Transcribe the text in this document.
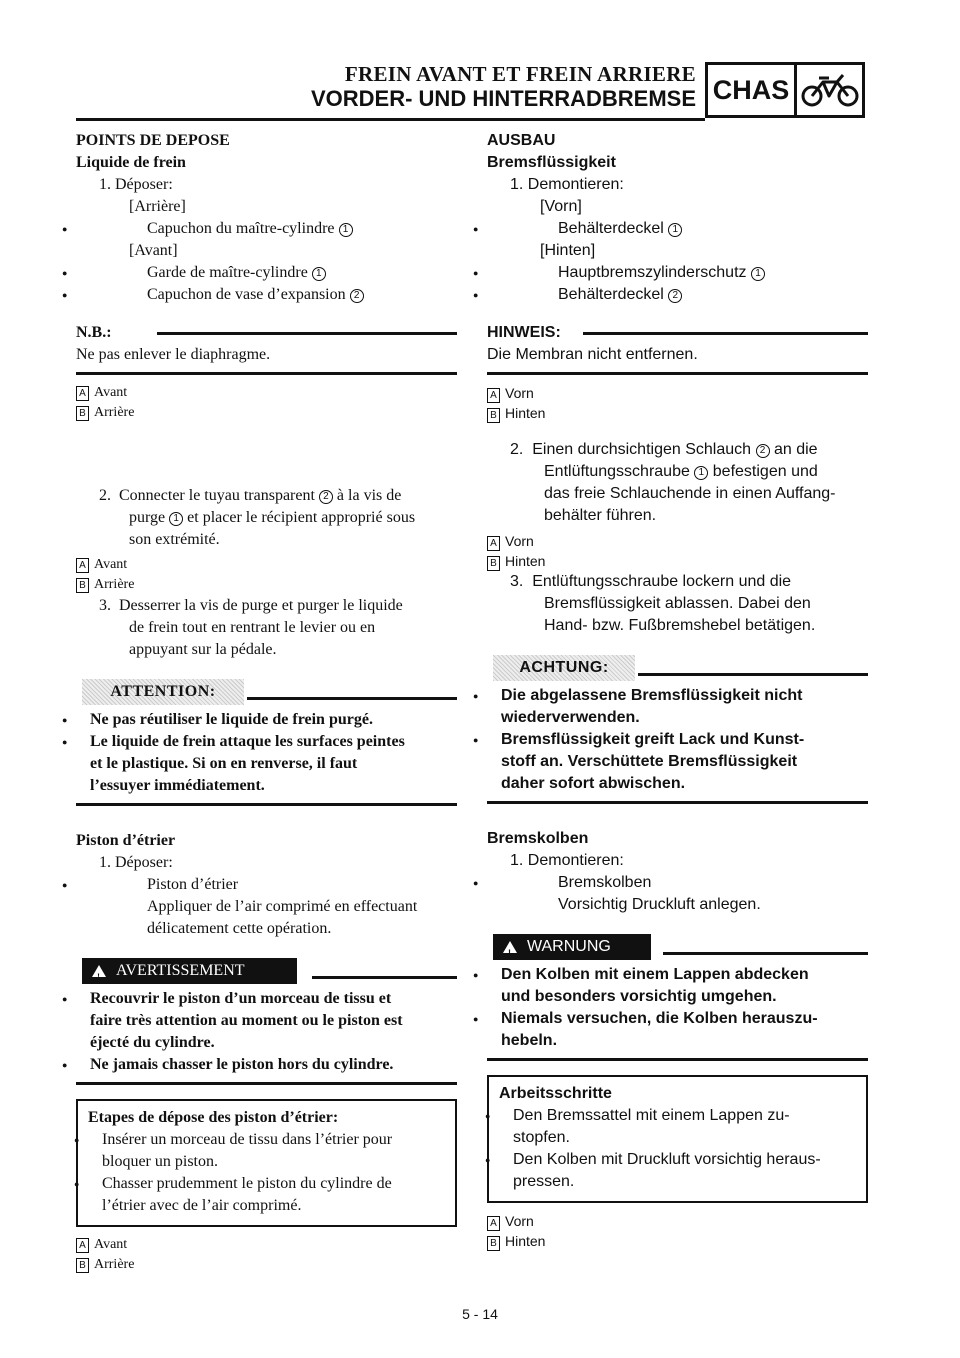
FREIN AVANT ET FREIN ARRIERE
VORDER- UND HINTERRADBREMSE CHAS

POINTS DE DEPOSE

Liquide de frein

1. Déposer:

[Arrière]

● Capuchon du maître-cylindre 1

[Avant]

● Garde de maître-cylindre 1

● Capuchon de vase d’expansion 2

N.B.:

Ne pas enlever le diaphragme.

A Avant

B Arrière

2. Connecter le tuyau transparent 2 à la vis de

purge 1 et placer le récipient approprié sous

son extrémité.

A Avant

B Arrière

3. Desserrer la vis de purge et purger le liquide

de frein tout en rentrant le levier ou en

appuyant sur la pédale.

ATTENTION:

● Ne pas réutiliser le liquide de frein purgé.

● Le liquide de frein attaque les surfaces peintes

et le plastique. Si on en renverse, il faut

l’essuyer immédiatement.

Piston d’étrier

1. Déposer:

● Piston d’étrier

Appliquer de l’air comprimé en effectuant

délicatement cette opération.

!
AVERTISSEMENT

● Recouvrir le piston d’un morceau de tissu et

faire très attention au moment ou le piston est

éjecté du cylindre.

● Ne jamais chasser le piston hors du cylindre.

Etapes de dépose des piston d’étrier:

● Insérer un morceau de tissu dans l’étrier pour

bloquer un piston.

● Chasser prudemment le piston du cylindre de

l’étrier avec de l’air comprimé.

A Avant

B Arrière

AUSBAU

Bremsflüssigkeit

1. Demontieren:

[Vorn]

● Behälterdeckel 1

[Hinten]

● Hauptbremszylinderschutz 1

● Behälterdeckel 2

HINWEIS:

Die Membran nicht entfernen.

A Vorn

B Hinten

2. Einen durchsichtigen Schlauch 2 an die

Entlüftungsschraube 1 befestigen und

das freie Schlauchende in einen Auffang-

behälter führen.

A Vorn

B Hinten

3. Entlüftungsschraube lockern und die

Bremsflüssigkeit ablassen. Dabei den

Hand- bzw. Fußbremshebel betätigen.

ACHTUNG:

● Die abgelassene Bremsflüssigkeit nicht

wiederverwenden.

● Bremsflüssigkeit greift Lack und Kunst-

stoff an. Verschüttete Bremsflüssigkeit

daher sofort abwischen.

Bremskolben

1. Demontieren:

● Bremskolben

Vorsichtig Druckluft anlegen.

!
WARNUNG

● Den Kolben mit einem Lappen abdecken

und besonders vorsichtig umgehen.

● Niemals versuchen, die Kolben herauszu-

hebeln.

Arbeitsschritte

● Den Bremssattel mit einem Lappen zu-

stopfen.

● Den Kolben mit Druckluft vorsichtig heraus-

pressen.

A Vorn

B Hinten

5 - 14
